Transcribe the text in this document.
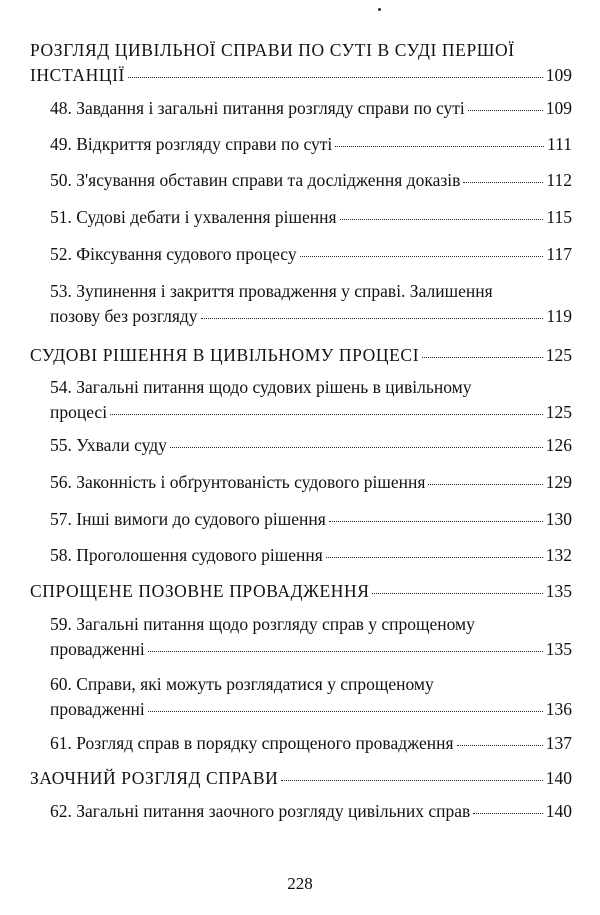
РОЗГЛЯД ЦИВІЛЬНОЇ СПРАВИ ПО СУТІ В СУДІ ПЕРШОЇ
ІНСТАНЦІЇ	109
48. Завдання і загальні питання розгляду справи по суті	109
49. Відкриття розгляду справи по суті	111
50. З'ясування обставин справи та дослідження доказів	112
51. Судові дебати і ухвалення рішення	115
52. Фіксування судового процесу	117
53. Зупинення і закриття провадження у справі. Залишення
позову без розгляду	119
СУДОВІ РІШЕННЯ В ЦИВІЛЬНОМУ ПРОЦЕСІ	125
54. Загальні питання щодо судових рішень в цивільному
процесі	125
55. Ухвали суду	126
56. Законність і обґрунтованість судового рішення	129
57. Інші вимоги до судового рішення	130
58. Проголошення судового рішення	132
СПРОЩЕНЕ ПОЗОВНЕ ПРОВАДЖЕННЯ	135
59. Загальні питання щодо розгляду справ у спрощеному
провадженні	135
60. Справи, які можуть розглядатися у спрощеному
провадженні	136
61. Розгляд справ в порядку спрощеного провадження	137
ЗАОЧНИЙ РОЗГЛЯД СПРАВИ	140
62. Загальні питання заочного розгляду цивільних справ	140
228
